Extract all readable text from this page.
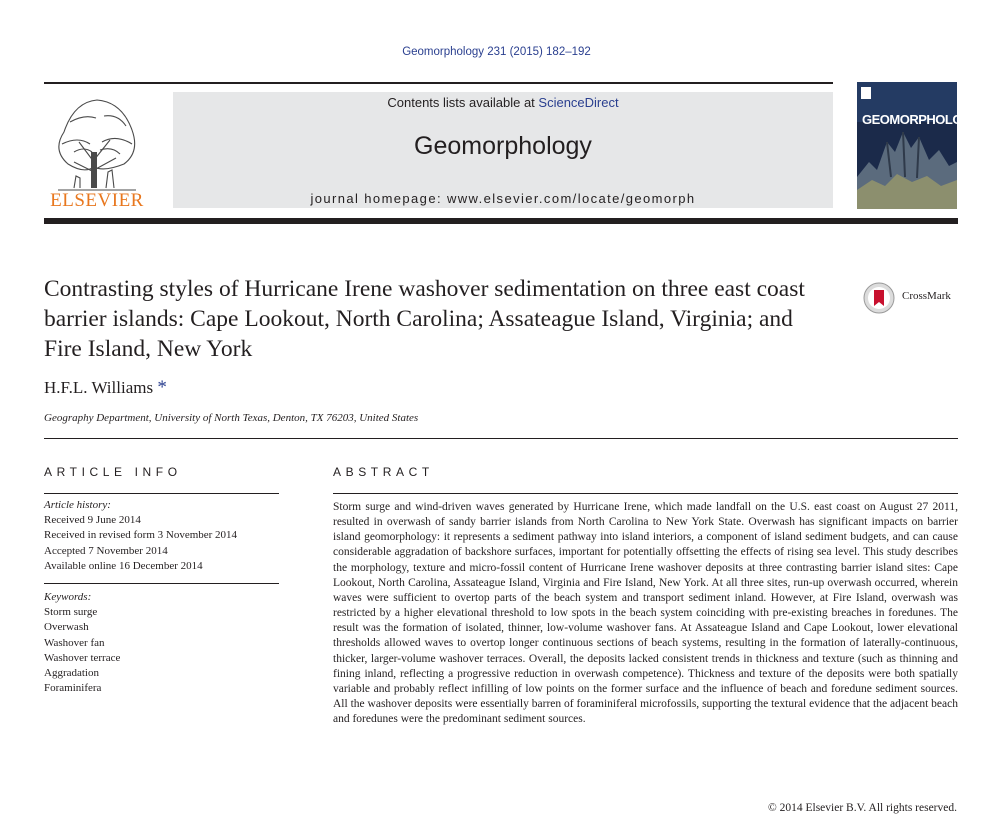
Geomorphology 231 (2015) 182–192
ELSEVIER
Contents lists available at ScienceDirect
Geomorphology
journal homepage: www.elsevier.com/locate/geomorph
GEOMORPHOLOGY
Contrasting styles of Hurricane Irene washover sedimentation on three east coast barrier islands: Cape Lookout, North Carolina; Assateague Island, Virginia; and Fire Island, New York
CrossMark
H.F.L. Williams *
Geography Department, University of North Texas, Denton, TX 76203, United States
ARTICLE INFO	ABSTRACT
Article history:
Received 9 June 2014
Received in revised form 3 November 2014
Accepted 7 November 2014
Available online 16 December 2014
Keywords:
Storm surge
Overwash
Washover fan
Washover terrace
Aggradation
Foraminifera
Storm surge and wind-driven waves generated by Hurricane Irene, which made landfall on the U.S. east coast on August 27 2011, resulted in overwash of sandy barrier islands from North Carolina to New York State. Overwash has significant impacts on barrier island geomorphology: it represents a sediment pathway into island interiors, a component of island sediment budgets, and can cause considerable aggradation of backshore surfaces, important for potentially offsetting the effects of rising sea level. This study describes the morphology, texture and micro-fossil content of Hurricane Irene washover deposits at three contrasting barrier island sites: Cape Lookout, North Carolina, Assateague Island, Virginia and Fire Island, New York. At all three sites, run-up overwash occurred, wherein waves were sufficient to overtop parts of the beach system and transport sediment inland. However, at Fire Island, overwash was restricted by a higher elevational threshold to low spots in the beach system coinciding with pre-existing breaches in foredunes. The result was the formation of isolated, thinner, low-volume washover fans. At Assateague Island and Cape Lookout, lower elevational thresholds allowed waves to overtop longer continuous sections of beach systems, resulting in the formation of laterally-continuous, thicker, larger-volume washover terraces. Overall, the deposits lacked consistent trends in thickness and texture (such as thinning and fining inland, reflecting a progressive reduction in overwash competence). Thickness and texture of the deposits were both spatially variable and probably reflect infilling of low points on the former surface and the influence of beach and foredune sediment sources. All the washover deposits were essentially barren of foraminiferal microfossils, supporting the textural evidence that the adjacent beach and foredunes were the predominant sediment sources.
© 2014 Elsevier B.V. All rights reserved.
